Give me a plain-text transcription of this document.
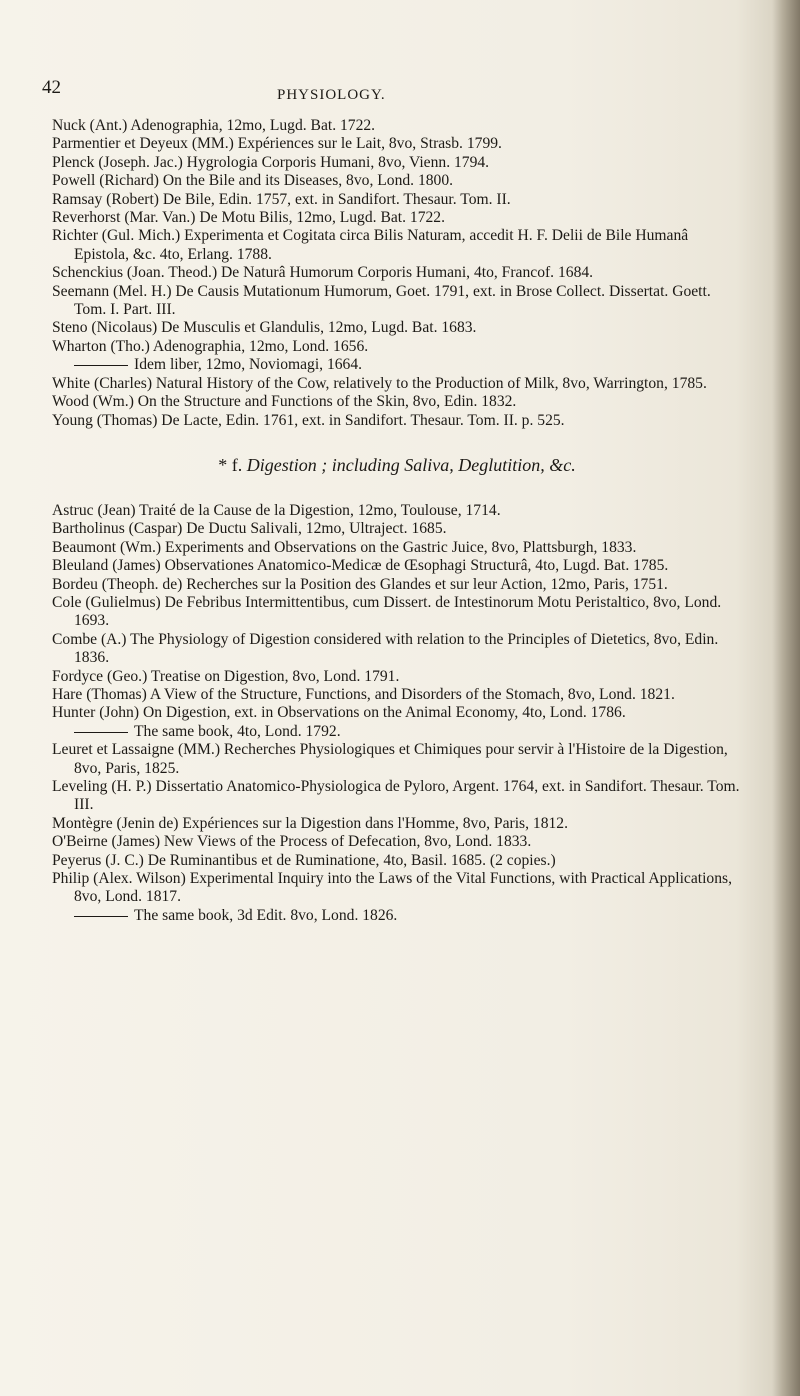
42	PHYSIOLOGY.

Nuck (Ant.) Adenographia, 12mo, Lugd. Bat. 1722.

Parmentier et Deyeux (MM.) Expériences sur le Lait, 8vo, Strasb. 1799.

Plenck (Joseph. Jac.) Hygrologia Corporis Humani, 8vo, Vienn. 1794.

Powell (Richard) On the Bile and its Diseases, 8vo, Lond. 1800.

Ramsay (Robert) De Bile, Edin. 1757, ext. in Sandifort. Thesaur. Tom. II.

Reverhorst (Mar. Van.) De Motu Bilis, 12mo, Lugd. Bat. 1722.

Richter (Gul. Mich.) Experimenta et Cogitata circa Bilis Naturam, accedit H. F. Delii de Bile Humanâ Epistola, &c. 4to, Erlang. 1788.

Schenckius (Joan. Theod.) De Naturâ Humorum Corporis Humani, 4to, Francof. 1684.

Seemann (Mel. H.) De Causis Mutationum Humorum, Goet. 1791, ext. in Brose Collect. Dissertat. Goett. Tom. I. Part. III.

Steno (Nicolaus) De Musculis et Glandulis, 12mo, Lugd. Bat. 1683.

Wharton (Tho.) Adenographia, 12mo, Lond. 1656.

Idem liber, 12mo, Noviomagi, 1664.

White (Charles) Natural History of the Cow, relatively to the Production of Milk, 8vo, Warrington, 1785.

Wood (Wm.) On the Structure and Functions of the Skin, 8vo, Edin. 1832.

Young (Thomas) De Lacte, Edin. 1761, ext. in Sandifort. Thesaur. Tom. II. p. 525.

* f. Digestion ; including Saliva, Deglutition, &c.

Astruc (Jean) Traité de la Cause de la Digestion, 12mo, Toulouse, 1714.

Bartholinus (Caspar) De Ductu Salivali, 12mo, Ultraject. 1685.

Beaumont (Wm.) Experiments and Observations on the Gastric Juice, 8vo, Plattsburgh, 1833.

Bleuland (James) Observationes Anatomico-Medicæ de Œsophagi Structurâ, 4to, Lugd. Bat. 1785.

Bordeu (Theoph. de) Recherches sur la Position des Glandes et sur leur Action, 12mo, Paris, 1751.

Cole (Gulielmus) De Febribus Intermittentibus, cum Dissert. de Intestinorum Motu Peristaltico, 8vo, Lond. 1693.

Combe (A.) The Physiology of Digestion considered with relation to the Principles of Dietetics, 8vo, Edin. 1836.

Fordyce (Geo.) Treatise on Digestion, 8vo, Lond. 1791.

Hare (Thomas) A View of the Structure, Functions, and Disorders of the Stomach, 8vo, Lond. 1821.

Hunter (John) On Digestion, ext. in Observations on the Animal Economy, 4to, Lond. 1786.

The same book, 4to, Lond. 1792.

Leuret et Lassaigne (MM.) Recherches Physiologiques et Chimiques pour servir à l'Histoire de la Digestion, 8vo, Paris, 1825.

Leveling (H. P.) Dissertatio Anatomico-Physiologica de Pyloro, Argent. 1764, ext. in Sandifort. Thesaur. Tom. III.

Montègre (Jenin de) Expériences sur la Digestion dans l'Homme, 8vo, Paris, 1812.

O'Beirne (James) New Views of the Process of Defecation, 8vo, Lond. 1833.

Peyerus (J. C.) De Ruminantibus et de Ruminatione, 4to, Basil. 1685. (2 copies.)

Philip (Alex. Wilson) Experimental Inquiry into the Laws of the Vital Functions, with Practical Applications, 8vo, Lond. 1817.

The same book, 3d Edit. 8vo, Lond. 1826.
